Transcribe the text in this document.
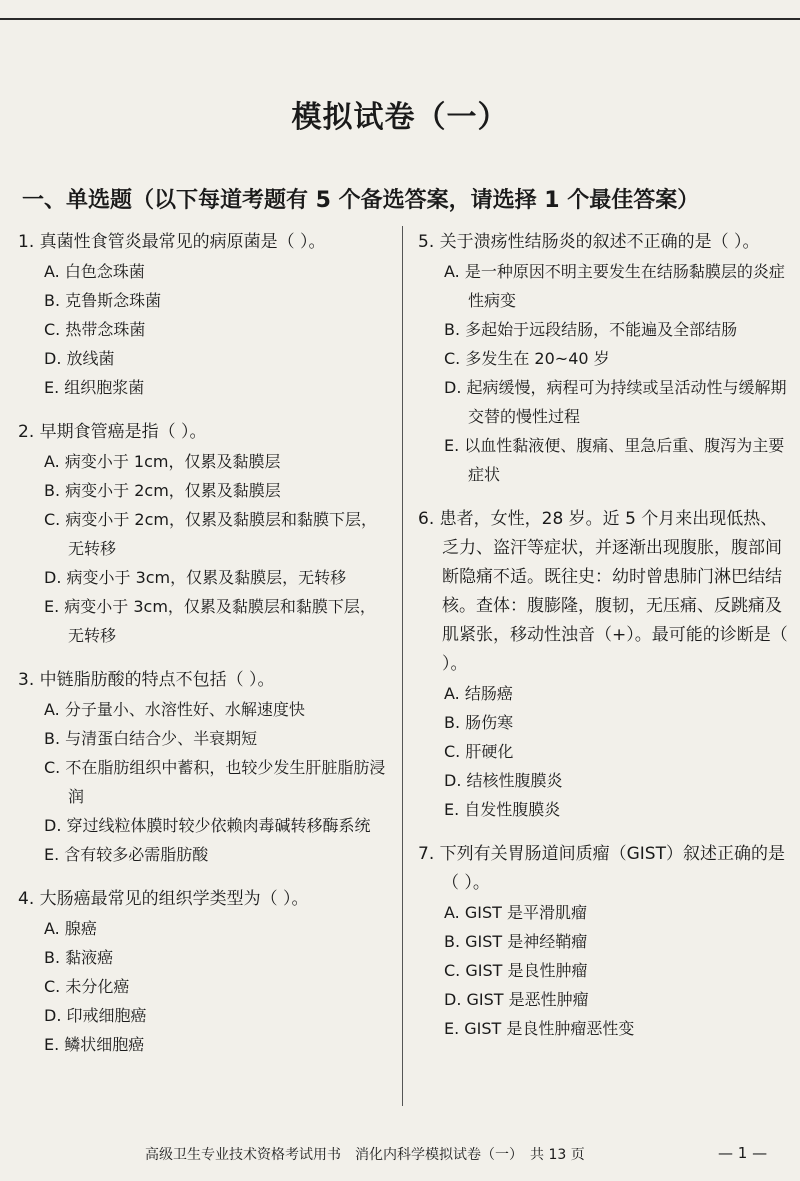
模拟试卷（一）
一、单选题（以下每道考题有 5 个备选答案，请选择 1 个最佳答案）
1. 真菌性食管炎最常见的病原菌是（ ）。
A. 白色念珠菌
B. 克鲁斯念珠菌
C. 热带念珠菌
D. 放线菌
E. 组织胞浆菌
2. 早期食管癌是指（ ）。
A. 病变小于 1cm，仅累及黏膜层
B. 病变小于 2cm，仅累及黏膜层
C. 病变小于 2cm，仅累及黏膜层和黏膜下层，无转移
D. 病变小于 3cm，仅累及黏膜层，无转移
E. 病变小于 3cm，仅累及黏膜层和黏膜下层，无转移
3. 中链脂肪酸的特点不包括（ ）。
A. 分子量小、水溶性好、水解速度快
B. 与清蛋白结合少、半衰期短
C. 不在脂肪组织中蓄积，也较少发生肝脏脂肪浸润
D. 穿过线粒体膜时较少依赖肉毒碱转移酶系统
E. 含有较多必需脂肪酸
4. 大肠癌最常见的组织学类型为（ ）。
A. 腺癌
B. 黏液癌
C. 未分化癌
D. 印戒细胞癌
E. 鳞状细胞癌
5. 关于溃疡性结肠炎的叙述不正确的是（ ）。
A. 是一种原因不明主要发生在结肠黏膜层的炎症性病变
B. 多起始于远段结肠，不能遍及全部结肠
C. 多发生在 20~40 岁
D. 起病缓慢，病程可为持续或呈活动性与缓解期交替的慢性过程
E. 以血性黏液便、腹痛、里急后重、腹泻为主要症状
6. 患者，女性，28 岁。近 5 个月来出现低热、乏力、盗汗等症状，并逐渐出现腹胀，腹部间断隐痛不适。既往史：幼时曾患肺门淋巴结结核。查体：腹膨隆，腹韧，无压痛、反跳痛及肌紧张，移动性浊音（+）。最可能的诊断是（ ）。
A. 结肠癌
B. 肠伤寒
C. 肝硬化
D. 结核性腹膜炎
E. 自发性腹膜炎
7. 下列有关胃肠道间质瘤（GIST）叙述正确的是（ ）。
A. GIST 是平滑肌瘤
B. GIST 是神经鞘瘤
C. GIST 是良性肿瘤
D. GIST 是恶性肿瘤
E. GIST 是良性肿瘤恶性变
高级卫生专业技术资格考试用书　消化内科学模拟试卷（一）　共 13 页	— 1 —
